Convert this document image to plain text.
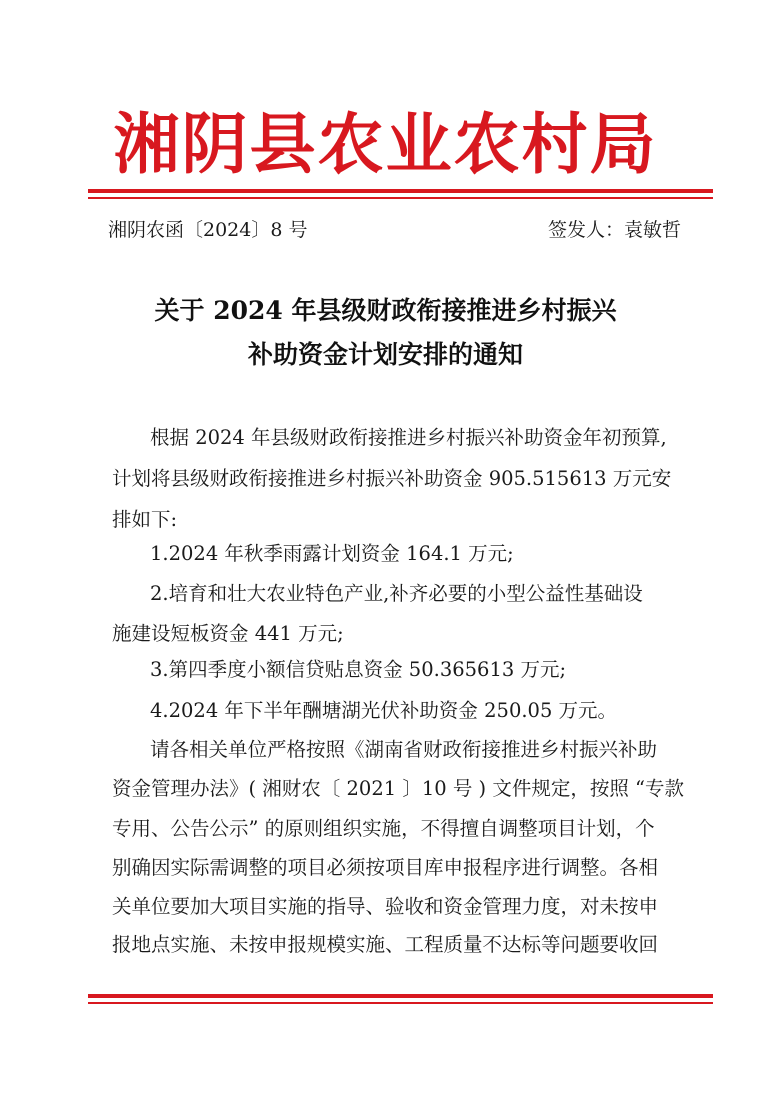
湘阴县农业农村局
湘阴农函〔2024〕8 号	签发人：袁敏哲
关于 2024 年县级财政衔接推进乡村振兴
补助资金计划安排的通知
根据 2024 年县级财政衔接推进乡村振兴补助资金年初预算,
计划将县级财政衔接推进乡村振兴补助资金 905.515613 万元安
排如下:
1.2024 年秋季雨露计划资金 164.1 万元;
2.培育和壮大农业特色产业,补齐必要的小型公益性基础设
施建设短板资金 441 万元;
3.第四季度小额信贷贴息资金 50.365613 万元;
4.2024 年下半年酬塘湖光伏补助资金 250.05 万元。
请各相关单位严格按照《湖南省财政衔接推进乡村振兴补助
资金管理办法》( 湘财农〔 2021 〕10 号 ) 文件规定，按照 “专款
专用、公告公示” 的原则组织实施，不得擅自调整项目计划，个
别确因实际需调整的项目必须按项目库申报程序进行调整。各相
关单位要加大项目实施的指导、验收和资金管理力度，对未按申
报地点实施、未按申报规模实施、工程质量不达标等问题要收回
